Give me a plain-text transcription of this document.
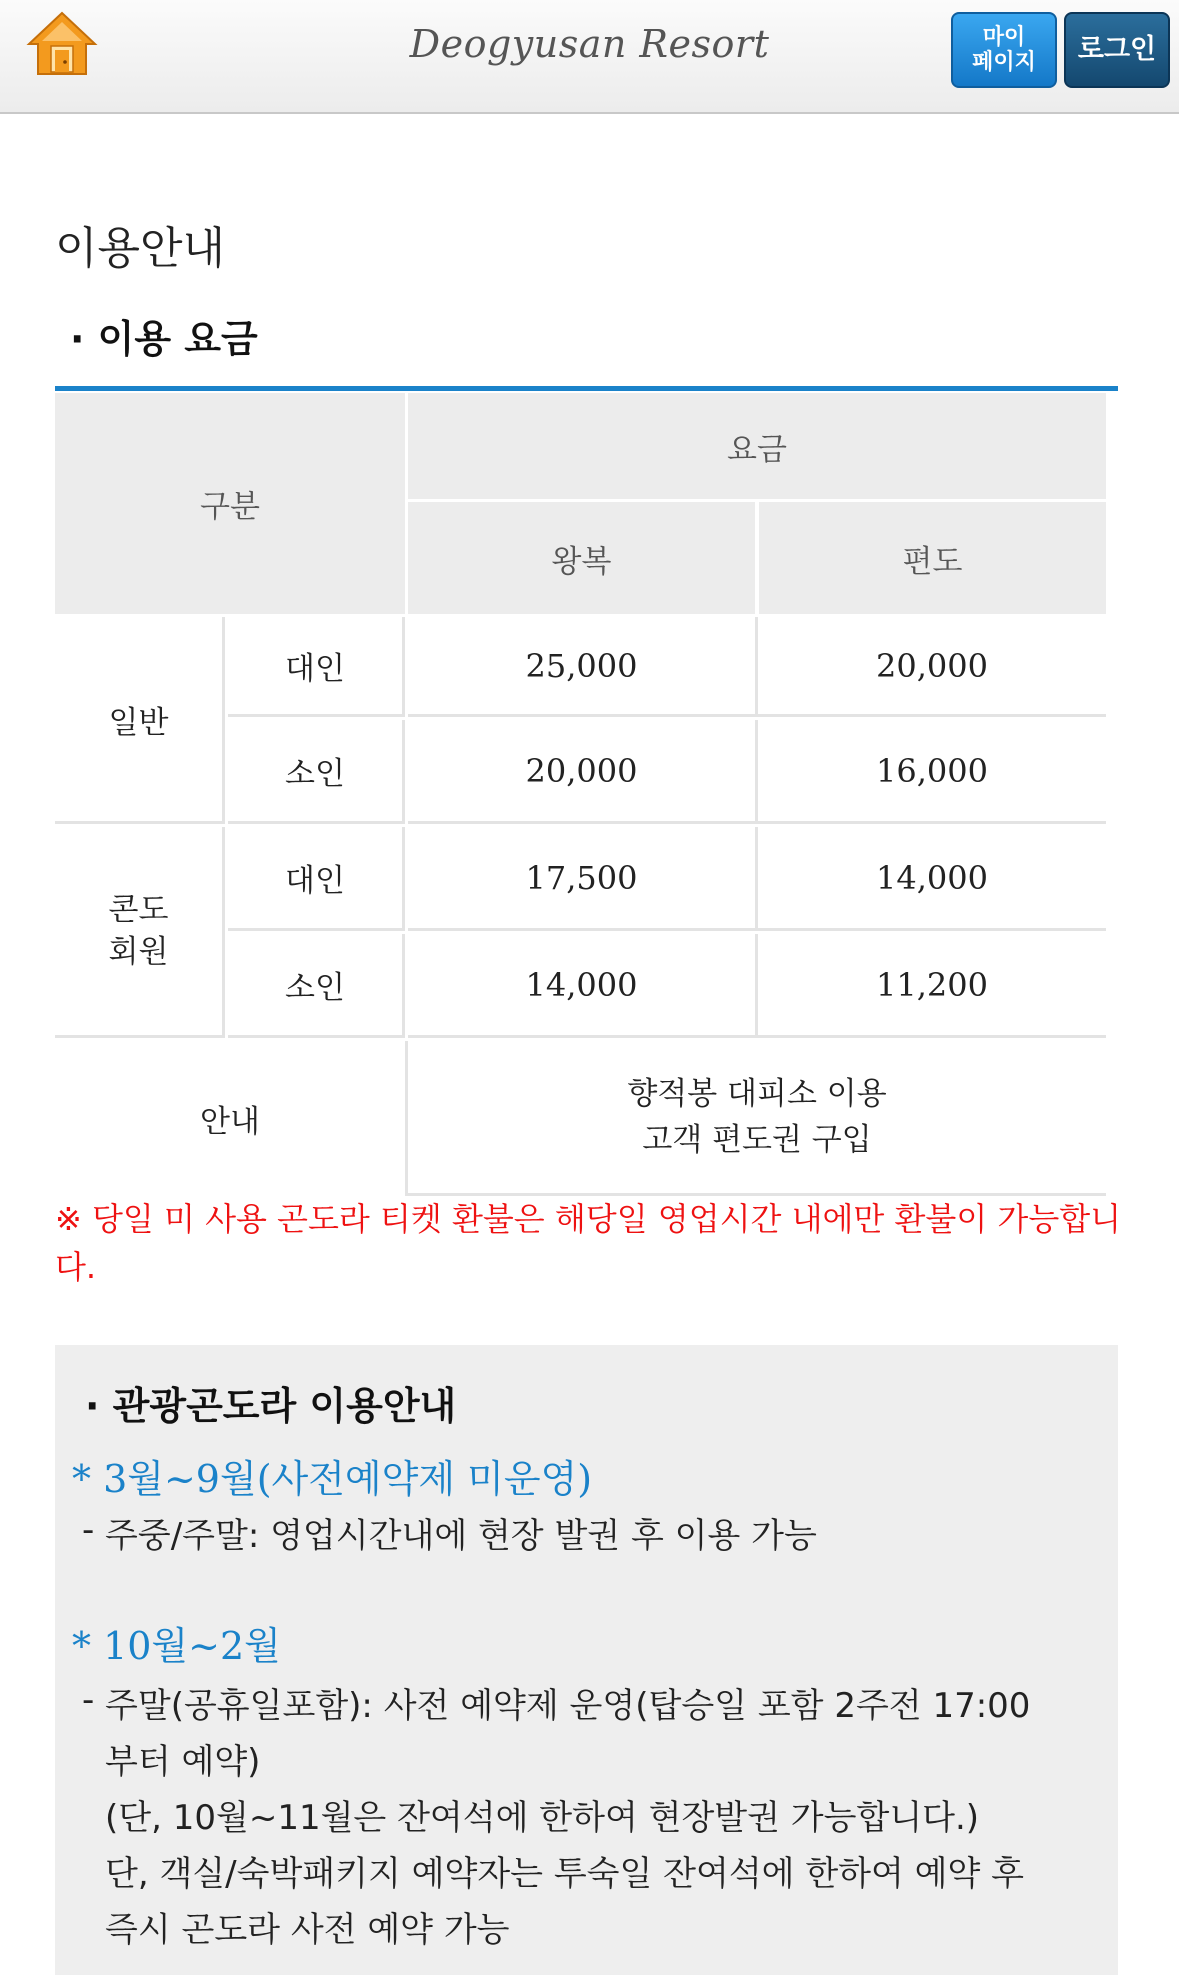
Deogyusan Resort	마이
페이지	로그인
이용안내
· 이용 요금
구분
요금
왕복	편도
일반
대인	25,000	20,000
소인	20,000	16,000
콘도
회원
대인	17,500	14,000
소인	14,000	11,200
안내
향적봉 대피소 이용
고객 편도권 구입
※ 당일 미 사용 곤도라 티켓 환불은 해당일 영업시간 내에만 환불이 가능합니다.
· 관광곤도라 이용안내
* 3월~9월(사전예약제 미운영)
- 주중/주말: 영업시간내에 현장 발권 후 이용 가능
* 10월~2월
- 주말(공휴일포함): 사전 예약제 운영(탑승일 포함 2주전 17:00
부터 예약)
(단, 10월~11월은 잔여석에 한하여 현장발권 가능합니다.)
단, 객실/숙박패키지 예약자는 투숙일 잔여석에 한하여 예약 후
즉시 곤도라 사전 예약 가능
